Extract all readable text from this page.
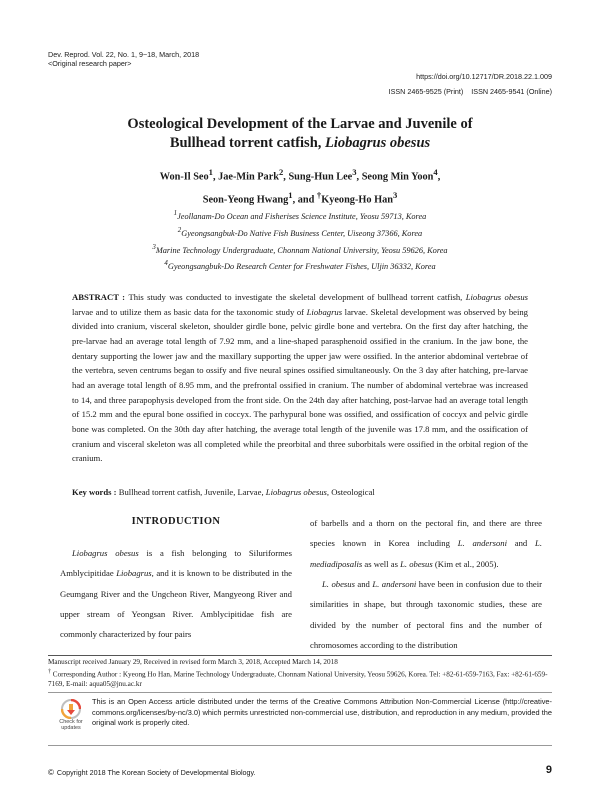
Dev. Reprod. Vol. 22, No. 1, 9~18, March, 2018
<Original research paper>
https://doi.org/10.12717/DR.2018.22.1.009
ISSN 2465-9525 (Print)    ISSN 2465-9541 (Online)
Osteological Development of the Larvae and Juvenile of
Bullhead torrent catfish, Liobagrus obesus
Won-Il Seo$^1$, Jae-Min Park$^2$, Sung-Hun Lee$^3$, Seong Min Yoon$^4$,
Seon-Yeong Hwang$^1$, and †Kyeong-Ho Han$^3$
$^1$Jeollanam-Do Ocean and Fisherises Science Institute, Yeosu 59713, Korea
$^2$Gyeongsangbuk-Do Native Fish Business Center, Uiseong 37366, Korea
$^3$Marine Technology Undergraduate, Chonnam National University, Yeosu 59626, Korea
$^4$Gyeongsangbuk-Do Research Center for Freshwater Fishes, Uljin 36332, Korea
ABSTRACT : This study was conducted to investigate the skeletal development of bullhead torrent catfish, Liobagrus obesus larvae and to utilize them as basic data for the taxonomic study of Liobagrus larvae. Skeletal development was observed by being divided into cranium, visceral skeleton, shoulder girdle bone, pelvic girdle bone and vertebra. On the first day after hatching, the pre-larvae had an average total length of 7.92 mm, and a line-shaped parasphenoid ossified in the cranium. In the jaw bone, the dentary supporting the lower jaw and the maxillary supporting the upper jaw were ossified. In the anterior abdominal vertebrae of the vertebra, seven centrums began to ossify and five neural spines ossified simultaneously. On the 3 day after hatching, pre-larvae had an average total length of 8.95 mm, and the prefrontal ossified in cranium. The number of abdominal vertebrae was increased to 14, and three parapophysis developed from the front side. On the 24th day after hatching, post-larvae had an average total length of 15.2 mm and the epural bone ossified in coccyx. The parhypural bone was ossified, and ossification of coccyx and pelvic girdle bone was completed. On the 30th day after hatching, the average total length of the juvenile was 17.8 mm, and the ossification of cranium and visceral skeleton was all completed while the preorbital and three suborbitals were ossified in the orbital region of the cranium.
Key words : Bullhead torrent catfish, Juvenile, Larvae, Liobagrus obesus, Osteological
INTRODUCTION
Liobagrus obesus is a fish belonging to Siluriformes Amblycipitidae Liobagrus, and it is known to be distributed in the Geumgang River and the Ungcheon River, Mangyeong River and upper stream of Yeongsan River. Amblycipitidae fish are commonly characterized by four pairs
of barbells and a thorn on the pectoral fin, and there are three species known in Korea including L. andersoni and L. mediadiposalis as well as L. obesus (Kim et al., 2005).
L. obesus and L. andersoni have been in confusion due to their similarities in shape, but through taxonomic studies, these are divided by the number of pectoral fins and the number of chromosomes according to the distribution
Manuscript received January 29, Received in revised form March 3, 2018, Accepted March 14, 2018
† Corresponding Author : Kyeong Ho Han, Marine Technology Undergraduate, Chonnam National University, Yeosu 59626, Korea. Tel: +82-61-659-7163, Fax: +82-61-659-7169, E-mail: aqua05@jnu.ac.kr
Check for
updates
This is an Open Access article distributed under the terms of the Creative Commons Attribution Non-Commercial License (http://creative-commons.org/licenses/by-nc/3.0) which permits unrestricted non-commercial use, distribution, and reproduction in any medium, provided the original work is properly cited.
© Copyright 2018 The Korean Society of Developmental Biology.	9
